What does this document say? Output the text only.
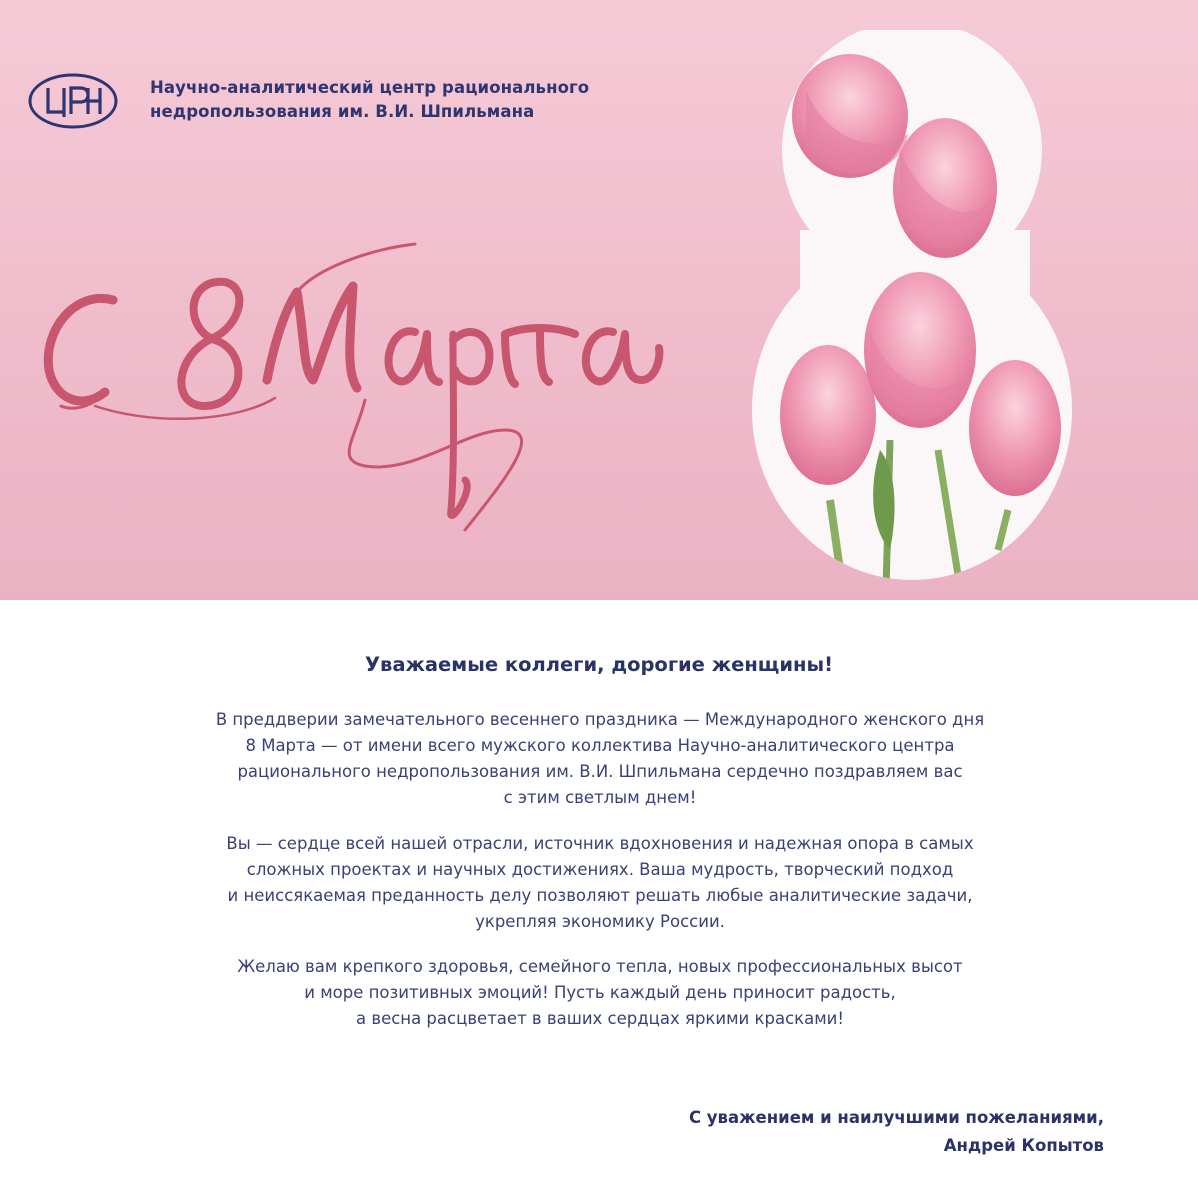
Научно-аналитический центр рационального
недропользования им. В.И. Шпильмана
Уважаемые коллеги, дорогие женщины!
В преддверии замечательного весеннего праздника — Международного женского дня
8 Марта — от имени всего мужского коллектива Научно-аналитического центра
рационального недропользования им. В.И. Шпильмана сердечно поздравляем вас
с этим светлым днем!
Вы — сердце всей нашей отрасли, источник вдохновения и надежная опора в самых
сложных проектах и научных достижениях. Ваша мудрость, творческий подход
и неиссякаемая преданность делу позволяют решать любые аналитические задачи,
укрепляя экономику России.
Желаю вам крепкого здоровья, семейного тепла, новых профессиональных высот
и море позитивных эмоций! Пусть каждый день приносит радость,
а весна расцветает в ваших сердцах яркими красками!
С уважением и наилучшими пожеланиями,
Андрей Копытов
